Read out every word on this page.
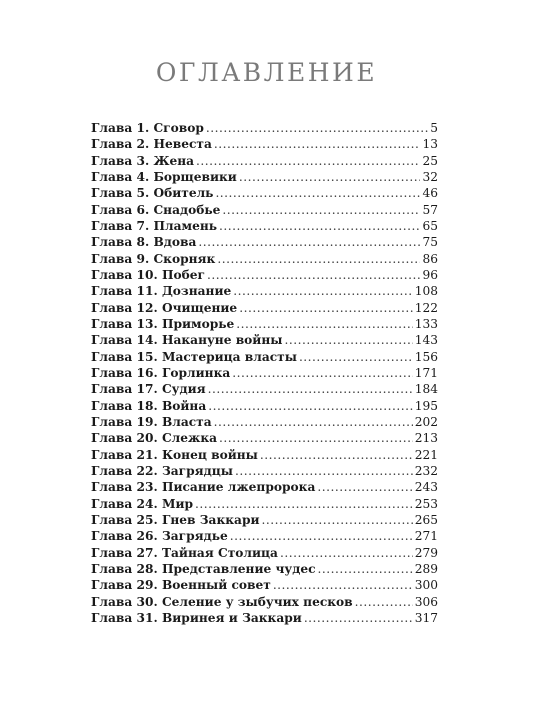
ОГЛАВЛЕНИЕ
Глава 1. Сговор .....	5
Глава 2. Невеста .....	13
Глава 3. Жена .....	25
Глава 4. Борщевики .....	32
Глава 5. Обитель .....	46
Глава 6. Снадобье .....	57
Глава 7. Пламень .....	65
Глава 8. Вдова .....	75
Глава 9. Скорняк .....	86
Глава 10. Побег .....	96
Глава 11. Дознание .....	108
Глава 12. Очищение .....	122
Глава 13. Приморье .....	133
Глава 14. Накануне войны .....	143
Глава 15. Мастерица власты .....	156
Глава 16. Горлинка .....	171
Глава 17. Судия .....	184
Глава 18. Война .....	195
Глава 19. Власта .....	202
Глава 20. Слежка .....	213
Глава 21. Конец войны .....	221
Глава 22. Загрядцы .....	232
Глава 23. Писание лжепророка .....	243
Глава 24. Мир .....	253
Глава 25. Гнев Заккари .....	265
Глава 26. Загрядье .....	271
Глава 27. Тайная Столица .....	279
Глава 28. Представление чудес .....	289
Глава 29. Военный совет .....	300
Глава 30. Селение у зыбучих песков .....	306
Глава 31. Виринея и Заккари .....	317
